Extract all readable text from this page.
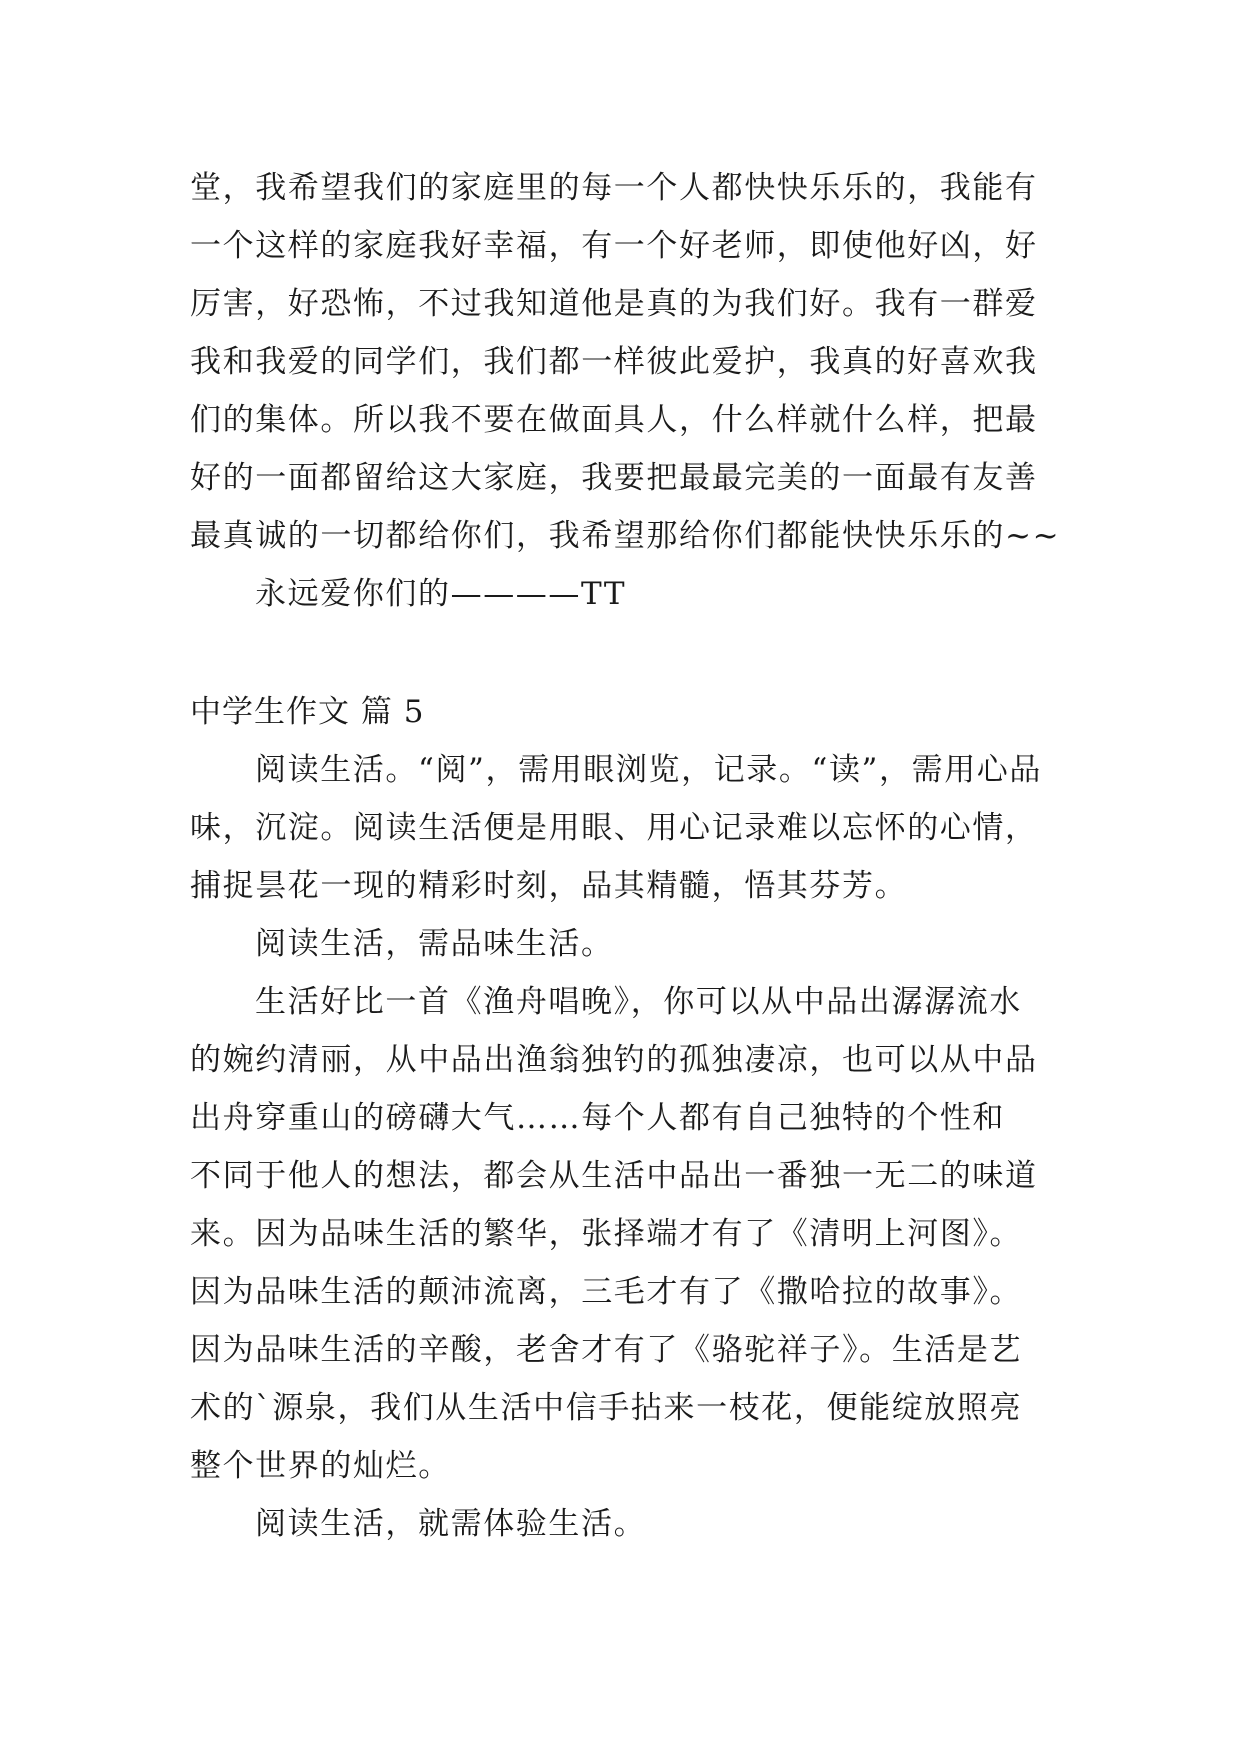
堂，我希望我们的家庭里的每一个人都快快乐乐的，我能有
一个这样的家庭我好幸福，有一个好老师，即使他好凶，好
厉害，好恐怖，不过我知道他是真的为我们好。我有一群爱
我和我爱的同学们，我们都一样彼此爱护，我真的好喜欢我
们的集体。所以我不要在做面具人，什么样就什么样，把最
好的一面都留给这大家庭，我要把最最完美的一面最有友善
最真诚的一切都给你们，我希望那给你们都能快快乐乐的~~
永远爱你们的————TT
中学生作文 篇 5
阅读生活。“阅”，需用眼浏览，记录。“读”，需用心品
味，沉淀。阅读生活便是用眼、用心记录难以忘怀的心情，
捕捉昙花一现的精彩时刻，品其精髓，悟其芬芳。
阅读生活，需品味生活。
生活好比一首《渔舟唱晚》，你可以从中品出潺潺流水
的婉约清丽，从中品出渔翁独钓的孤独凄凉，也可以从中品
出舟穿重山的磅礴大气……每个人都有自己独特的个性和
不同于他人的想法，都会从生活中品出一番独一无二的味道
来。因为品味生活的繁华，张择端才有了《清明上河图》。
因为品味生活的颠沛流离，三毛才有了《撒哈拉的故事》。
因为品味生活的辛酸，老舍才有了《骆驼祥子》。生活是艺
术的`源泉，我们从生活中信手拈来一枝花，便能绽放照亮
整个世界的灿烂。
阅读生活，就需体验生活。
